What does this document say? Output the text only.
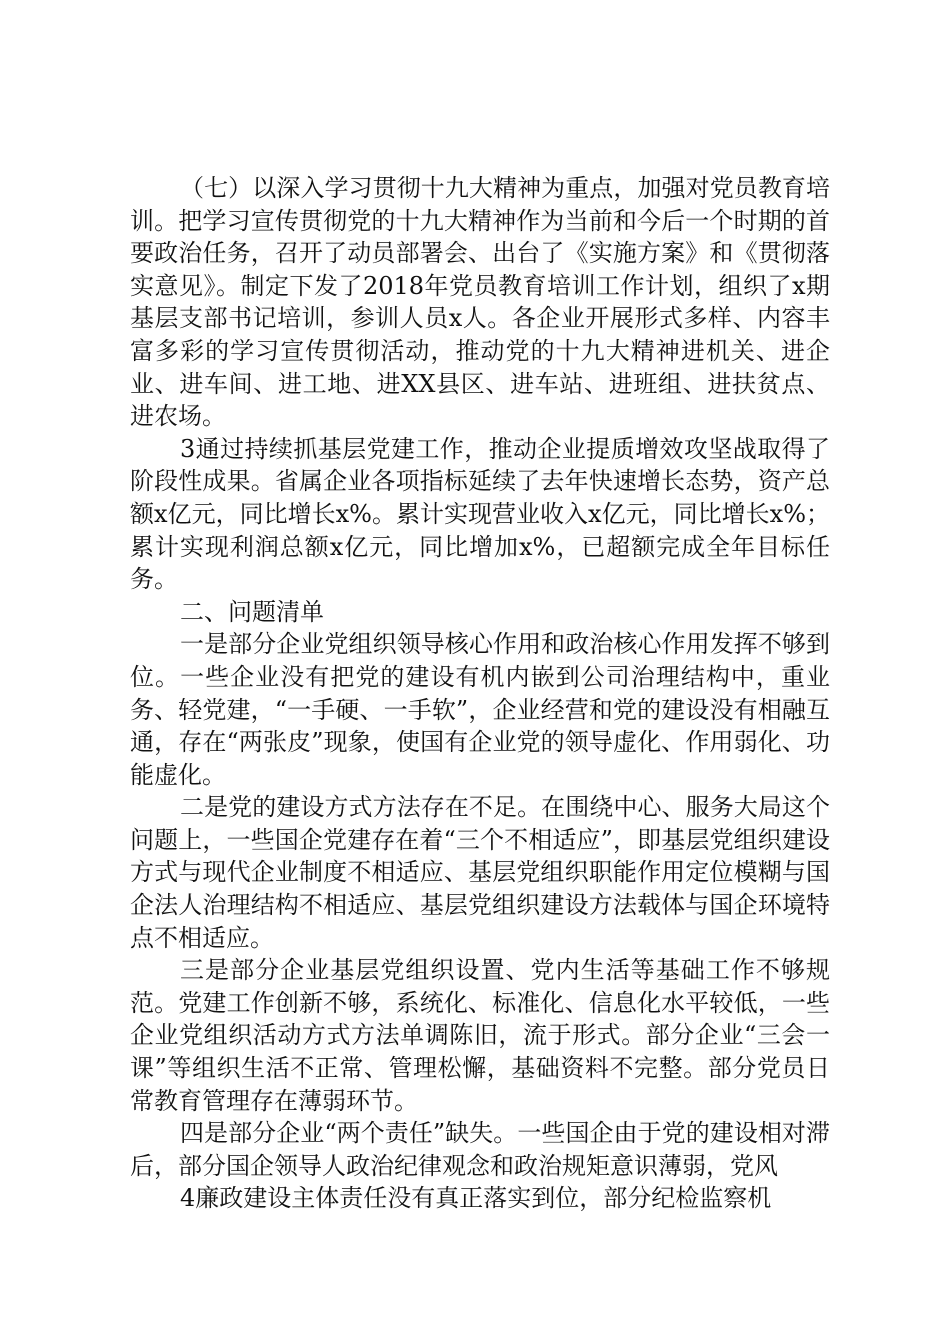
（七）以深入学习贯彻十九大精神为重点，加强对党员教育培训。把学习宣传贯彻党的十九大精神作为当前和今后一个时期的首要政治任务，召开了动员部署会、出台了《实施方案》和《贯彻落实意见》。制定下发了2018年党员教育培训工作计划，组织了x期基层支部书记培训，参训人员x人。各企业开展形式多样、内容丰富多彩的学习宣传贯彻活动，推动党的十九大精神进机关、进企业、进车间、进工地、进XX县区、进车站、进班组、进扶贫点、进农场。

3通过持续抓基层党建工作，推动企业提质增效攻坚战取得了阶段性成果。省属企业各项指标延续了去年快速增长态势，资产总额x亿元，同比增长x%。累计实现营业收入x亿元，同比增长x%；累计实现利润总额x亿元，同比增加x%，已超额完成全年目标任务。

二、问题清单

一是部分企业党组织领导核心作用和政治核心作用发挥不够到位。一些企业没有把党的建设有机内嵌到公司治理结构中，重业务、轻党建，“一手硬、一手软”，企业经营和党的建设没有相融互通，存在“两张皮”现象，使国有企业党的领导虚化、作用弱化、功能虚化。

二是党的建设方式方法存在不足。在围绕中心、服务大局这个问题上，一些国企党建存在着“三个不相适应”，即基层党组织建设方式与现代企业制度不相适应、基层党组织职能作用定位模糊与国企法人治理结构不相适应、基层党组织建设方法载体与国企环境特点不相适应。

三是部分企业基层党组织设置、党内生活等基础工作不够规范。党建工作创新不够，系统化、标准化、信息化水平较低，一些企业党组织活动方式方法单调陈旧，流于形式。部分企业“三会一课”等组织生活不正常、管理松懈，基础资料不完整。部分党员日常教育管理存在薄弱环节。

四是部分企业“两个责任”缺失。一些国企由于党的建设相对滞后，部分国企领导人政治纪律观念和政治规矩意识薄弱，党风

4廉政建设主体责任没有真正落实到位，部分纪检监察机
